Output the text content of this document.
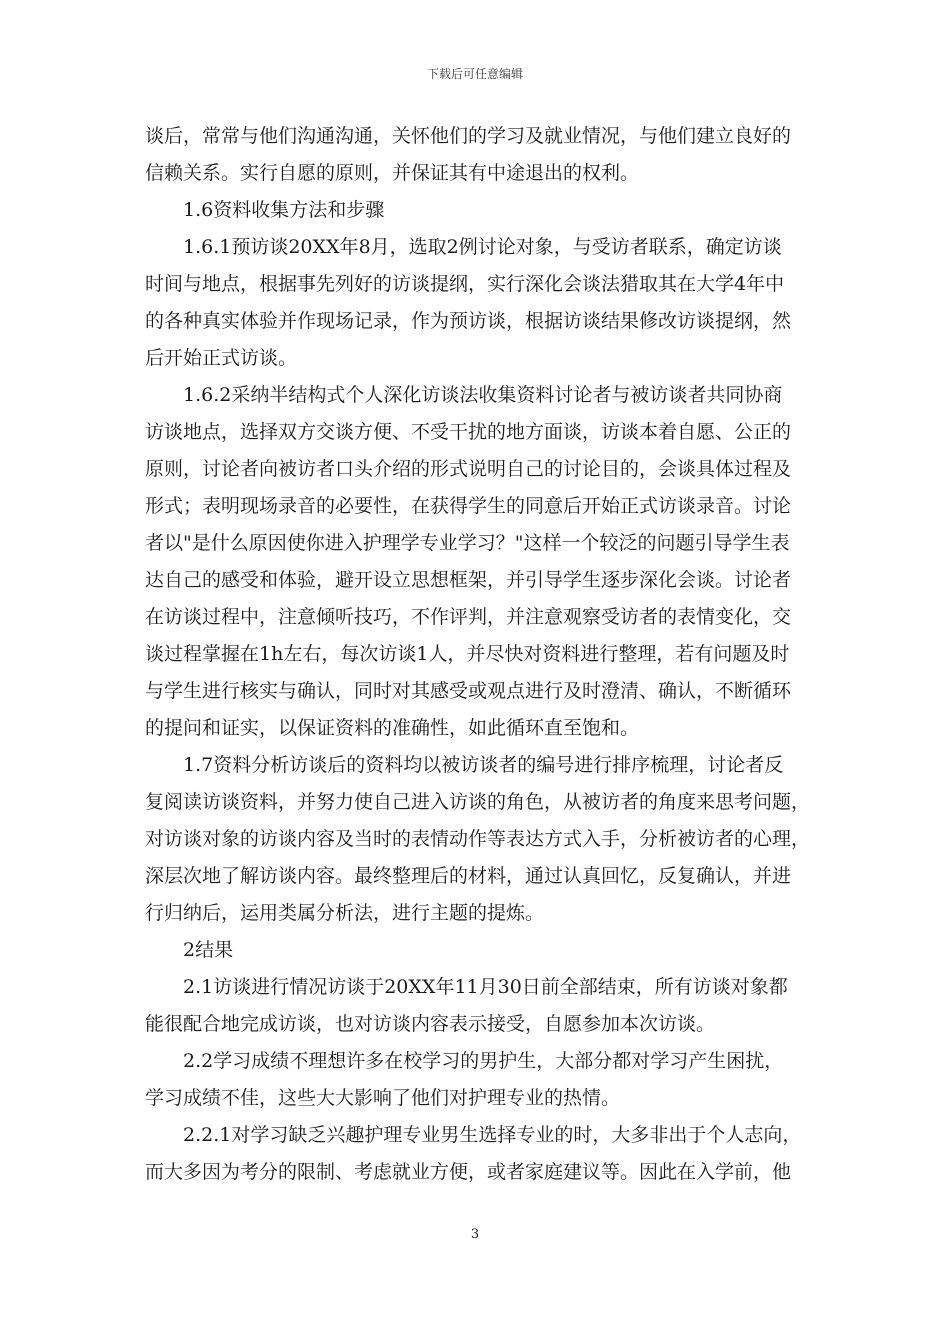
下载后可任意编辑
谈后，常常与他们沟通沟通，关怀他们的学习及就业情况，与他们建立良好的
信赖关系。实行自愿的原则，并保证其有中途退出的权利。
1.6资料收集方法和步骤
1.6.1预访谈20XX年8月，选取2例讨论对象，与受访者联系，确定访谈
时间与地点，根据事先列好的访谈提纲，实行深化会谈法猎取其在大学4年中
的各种真实体验并作现场记录，作为预访谈，根据访谈结果修改访谈提纲，然
后开始正式访谈。
1.6.2采纳半结构式个人深化访谈法收集资料讨论者与被访谈者共同协商
访谈地点，选择双方交谈方便、不受干扰的地方面谈，访谈本着自愿、公正的
原则，讨论者向被访者口头介绍的形式说明自己的讨论目的，会谈具体过程及
形式；表明现场录音的必要性，在获得学生的同意后开始正式访谈录音。讨论
者以"是什么原因使你进入护理学专业学习？"这样一个较泛的问题引导学生表
达自己的感受和体验，避开设立思想框架，并引导学生逐步深化会谈。讨论者
在访谈过程中，注意倾听技巧，不作评判，并注意观察受访者的表情变化，交
谈过程掌握在1h左右，每次访谈1人，并尽快对资料进行整理，若有问题及时
与学生进行核实与确认，同时对其感受或观点进行及时澄清、确认，不断循环
的提问和证实，以保证资料的准确性，如此循环直至饱和。
1.7资料分析访谈后的资料均以被访谈者的编号进行排序梳理，讨论者反
复阅读访谈资料，并努力使自己进入访谈的角色，从被访者的角度来思考问题，
对访谈对象的访谈内容及当时的表情动作等表达方式入手，分析被访者的心理，
深层次地了解访谈内容。最终整理后的材料，通过认真回忆，反复确认，并进
行归纳后，运用类属分析法，进行主题的提炼。
2结果
2.1访谈进行情况访谈于20XX年11月30日前全部结束，所有访谈对象都
能很配合地完成访谈，也对访谈内容表示接受，自愿参加本次访谈。
2.2学习成绩不理想许多在校学习的男护生，大部分都对学习产生困扰，
学习成绩不佳，这些大大影响了他们对护理专业的热情。
2.2.1对学习缺乏兴趣护理专业男生选择专业的时，大多非出于个人志向，
而大多因为考分的限制、考虑就业方便，或者家庭建议等。因此在入学前，他
3
